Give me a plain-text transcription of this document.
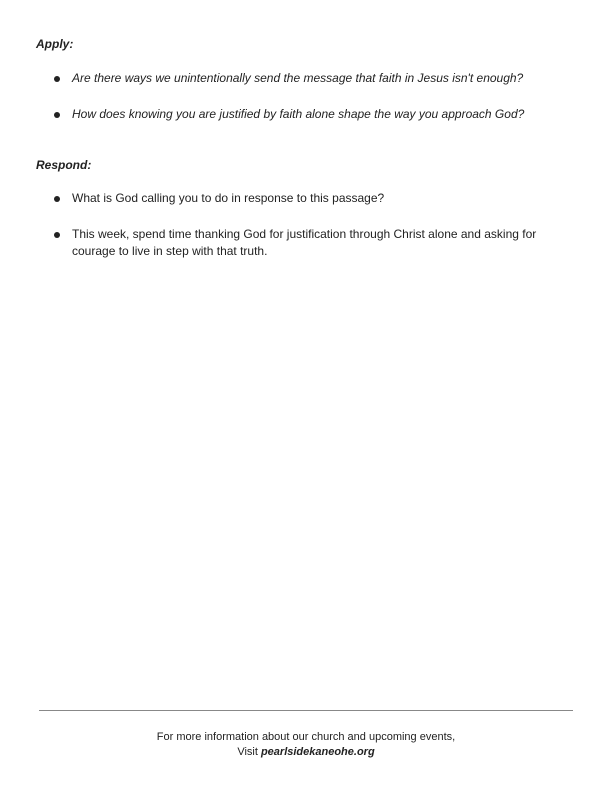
Apply:

Are there ways we unintentionally send the message that faith in Jesus isn't enough?
How does knowing you are justified by faith alone shape the way you approach God?

Respond:

What is God calling you to do in response to this passage?
This week, spend time thanking God for justification through Christ alone and asking for courage to live in step with that truth.
For more information about our church and upcoming events,
Visit pearlsidekaneohe.org
